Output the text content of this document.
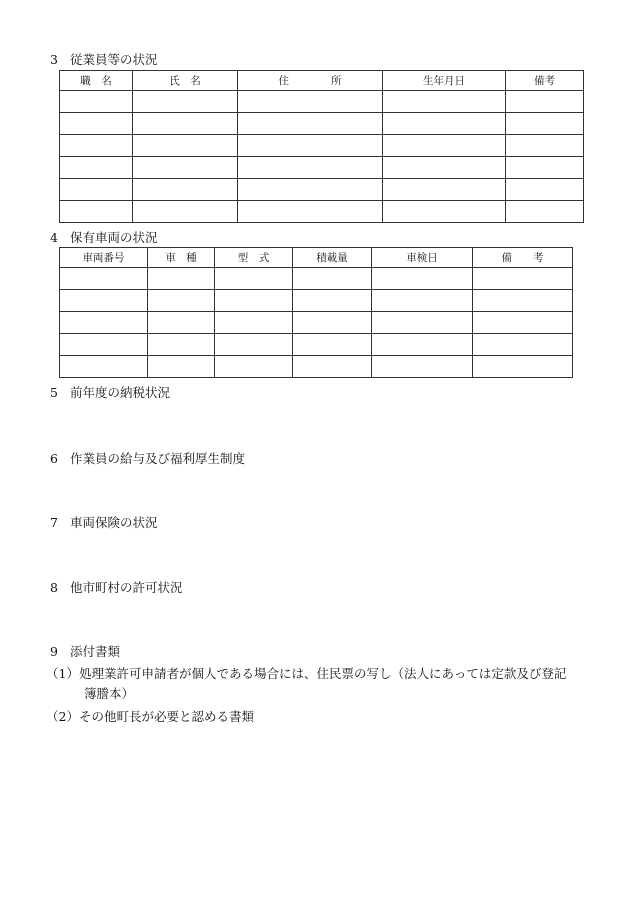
3 従業員等の状況
職　名	氏　名	住　　　　所	生年月日	備考

4 保有車両の状況
車両番号	車　種	型　式	積載量	車検日	備　　考

5 前年度の納税状況
6 作業員の給与及び福利厚生制度
7 車両保険の状況
8 他市町村の許可状況
9 添付書類
（1）処理業許可申請者が個人である場合には、住民票の写し（法人にあっては定款及び登記
簿謄本）
（2）その他町長が必要と認める書類
